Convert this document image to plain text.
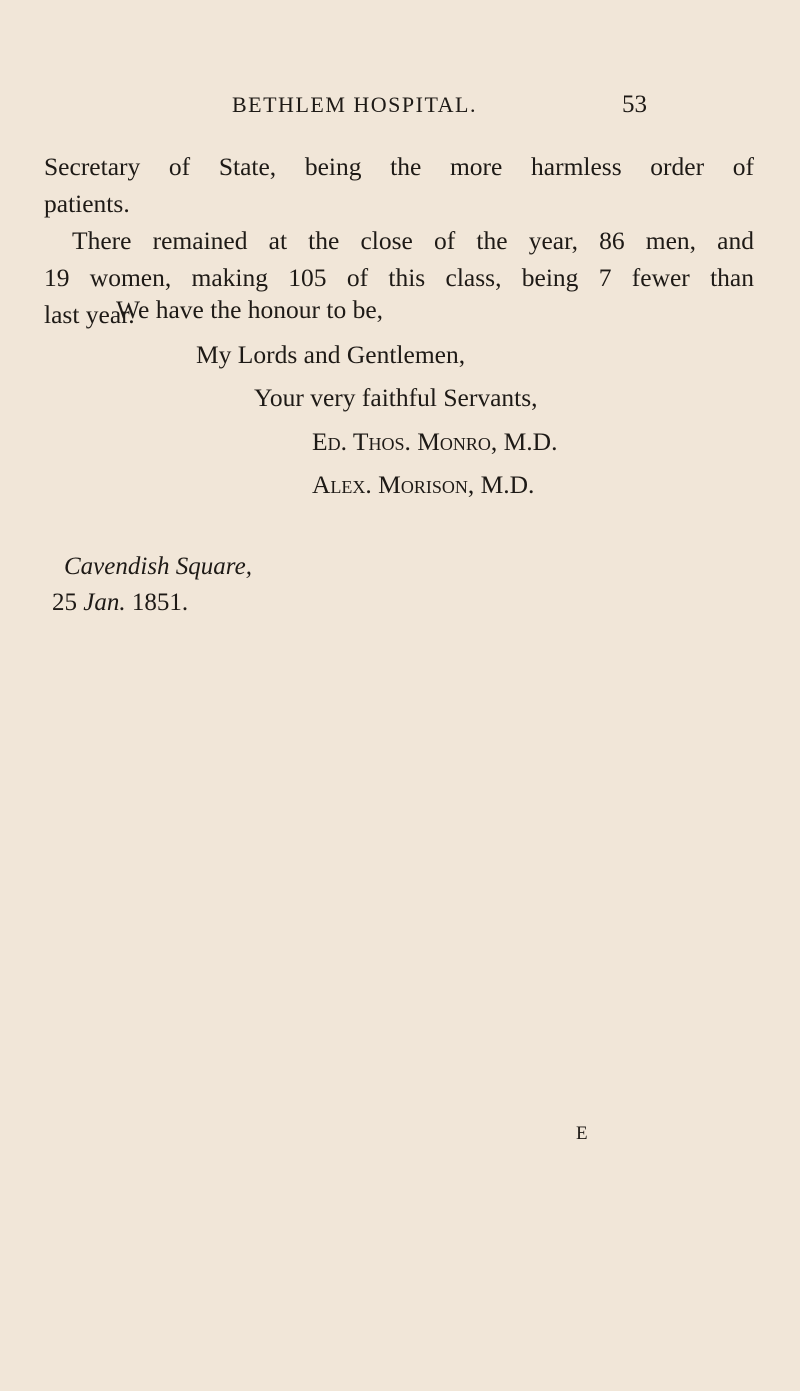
BETHLEM HOSPITAL.	53

Secretary of State, being the more harmless order of
patients.

There remained at the close of the year, 86 men, and
19 women, making 105 of this class, being 7 fewer than
last year.

We have the honour to be,
My Lords and Gentlemen,
Your very faithful Servants,
Ed. Thos. Monro, M.D.
Alex. Morison, M.D.
Cavendish Square,
25 Jan. 1851.
E
